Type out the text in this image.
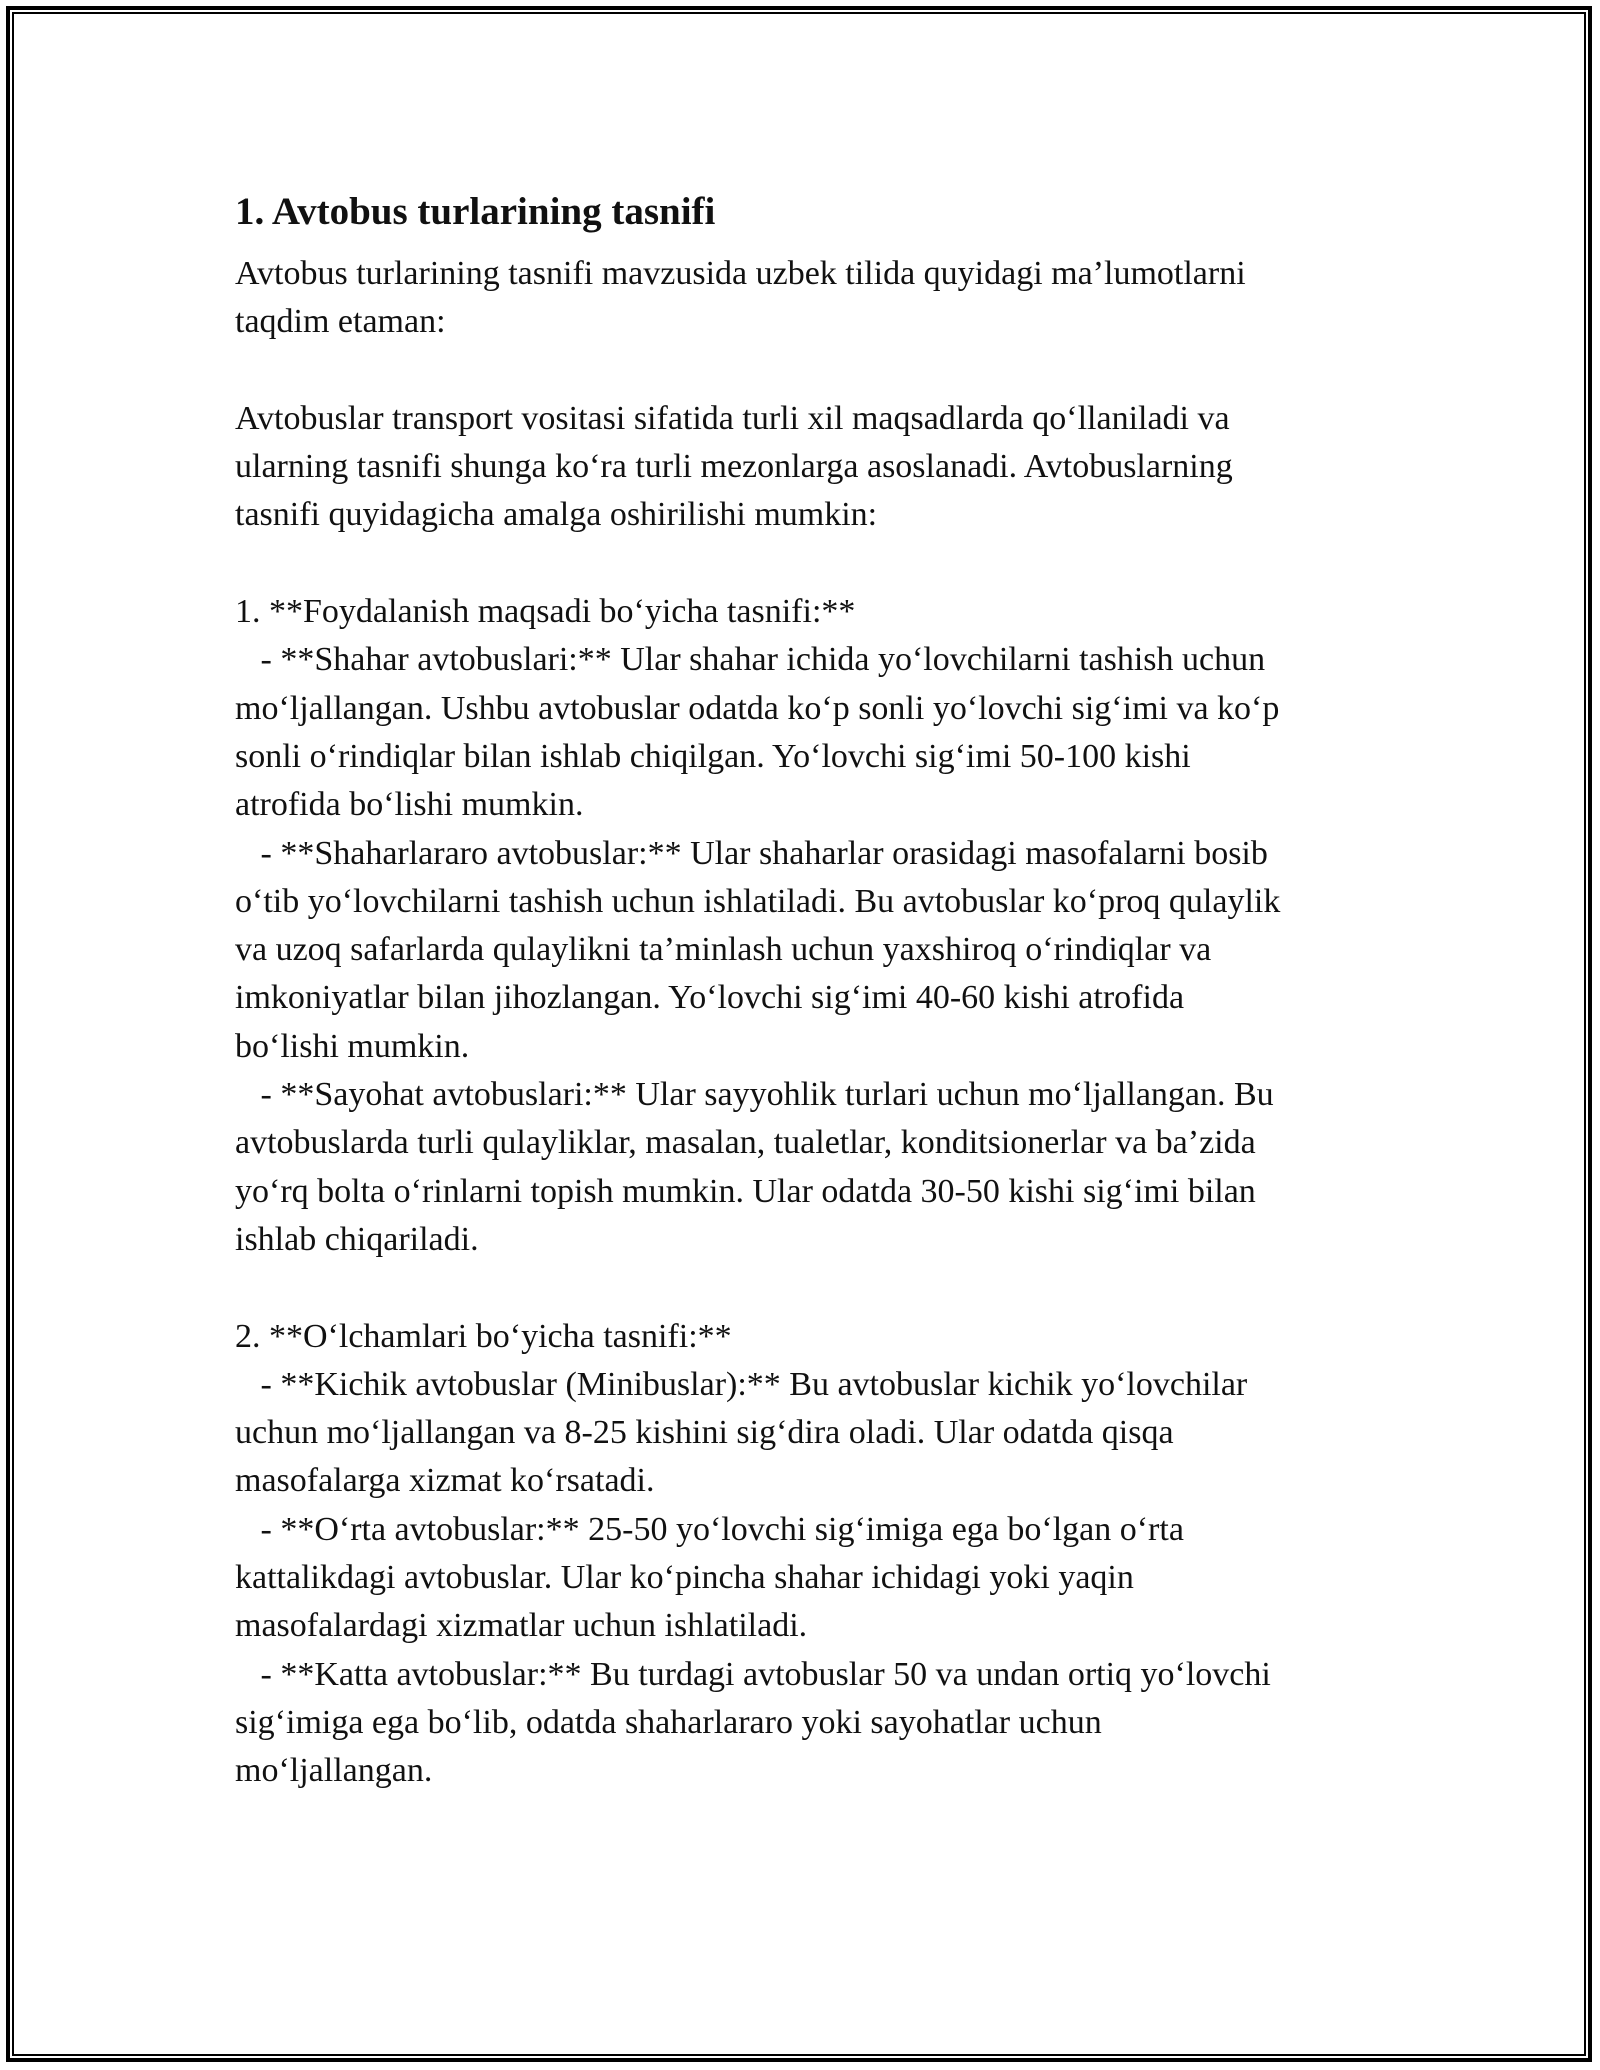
1. Avtobus turlarining tasnifi
Avtobus turlarining tasnifi mavzusida uzbek tilida quyidagi ma’lumotlarni
taqdim etaman:
Avtobuslar transport vositasi sifatida turli xil maqsadlarda qo‘llaniladi va
ularning tasnifi shunga ko‘ra turli mezonlarga asoslanadi. Avtobuslarning
tasnifi quyidagicha amalga oshirilishi mumkin:
1. **Foydalanish maqsadi bo‘yicha tasnifi:**
- **Shahar avtobuslari:** Ular shahar ichida yo‘lovchilarni tashish uchun
mo‘ljallangan. Ushbu avtobuslar odatda ko‘p sonli yo‘lovchi sig‘imi va ko‘p
sonli o‘rindiqlar bilan ishlab chiqilgan. Yo‘lovchi sig‘imi 50-100 kishi
atrofida bo‘lishi mumkin.
- **Shaharlararo avtobuslar:** Ular shaharlar orasidagi masofalarni bosib
o‘tib yo‘lovchilarni tashish uchun ishlatiladi. Bu avtobuslar ko‘proq qulaylik
va uzoq safarlarda qulaylikni ta’minlash uchun yaxshiroq o‘rindiqlar va
imkoniyatlar bilan jihozlangan. Yo‘lovchi sig‘imi 40-60 kishi atrofida
bo‘lishi mumkin.
- **Sayohat avtobuslari:** Ular sayyohlik turlari uchun mo‘ljallangan. Bu
avtobuslarda turli qulayliklar, masalan, tualetlar, konditsionerlar va ba’zida
yo‘rq bolta o‘rinlarni topish mumkin. Ular odatda 30-50 kishi sig‘imi bilan
ishlab chiqariladi.
2. **O‘lchamlari bo‘yicha tasnifi:**
- **Kichik avtobuslar (Minibuslar):** Bu avtobuslar kichik yo‘lovchilar
uchun mo‘ljallangan va 8-25 kishini sig‘dira oladi. Ular odatda qisqa
masofalarga xizmat ko‘rsatadi.
- **O‘rta avtobuslar:** 25-50 yo‘lovchi sig‘imiga ega bo‘lgan o‘rta
kattalikdagi avtobuslar. Ular ko‘pincha shahar ichidagi yoki yaqin
masofalardagi xizmatlar uchun ishlatiladi.
- **Katta avtobuslar:** Bu turdagi avtobuslar 50 va undan ortiq yo‘lovchi
sig‘imiga ega bo‘lib, odatda shaharlararo yoki sayohatlar uchun
mo‘ljallangan.
